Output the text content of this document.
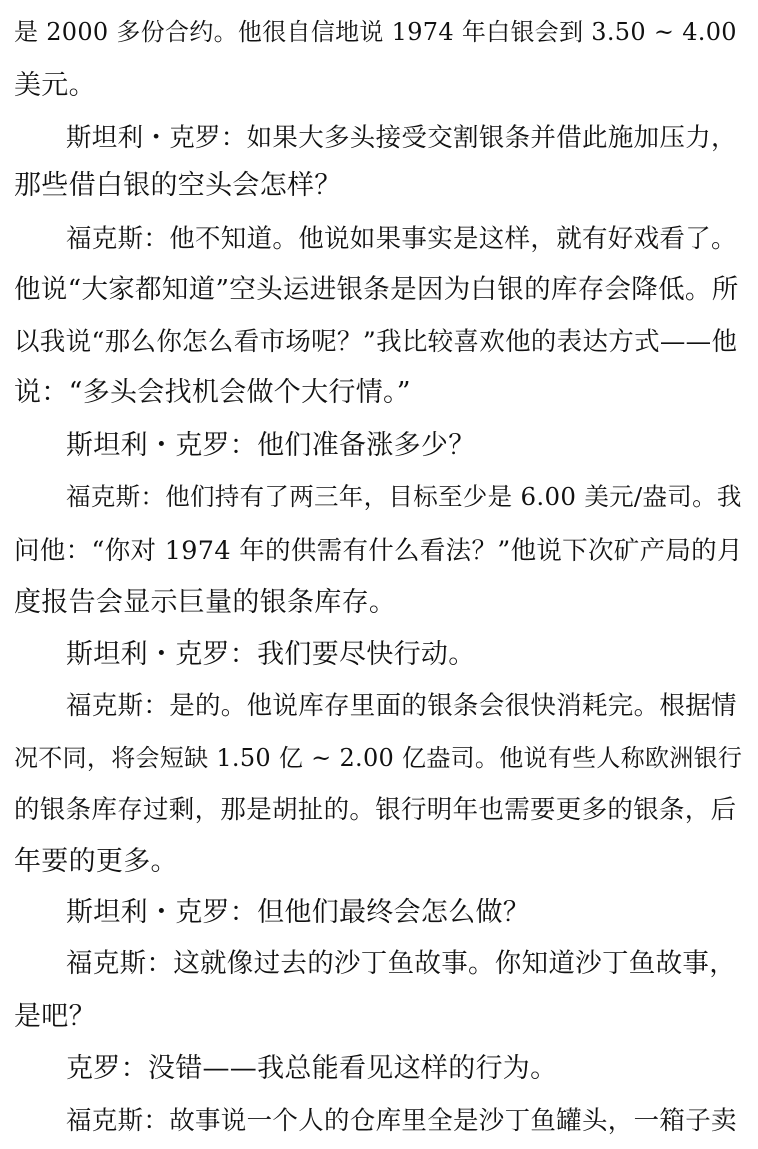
是 2000 多份合约。他很自信地说 1974 年白银会到 3.50 ~ 4.00
美元。
斯坦利・克罗：如果大多头接受交割银条并借此施加压力，
那些借白银的空头会怎样？
福克斯：他不知道。他说如果事实是这样，就有好戏看了。
他说“大家都知道”空头运进银条是因为白银的库存会降低。所
以我说“那么你怎么看市场呢？”我比较喜欢他的表达方式——他
说：“多头会找机会做个大行情。”
斯坦利・克罗：他们准备涨多少？
福克斯：他们持有了两三年，目标至少是 6.00 美元/盎司。我
问他：“你对 1974 年的供需有什么看法？”他说下次矿产局的月
度报告会显示巨量的银条库存。
斯坦利・克罗：我们要尽快行动。
福克斯：是的。他说库存里面的银条会很快消耗完。根据情
况不同，将会短缺 1.50 亿 ~ 2.00 亿盎司。他说有些人称欧洲银行
的银条库存过剩，那是胡扯的。银行明年也需要更多的银条，后
年要的更多。
斯坦利・克罗：但他们最终会怎么做？
福克斯：这就像过去的沙丁鱼故事。你知道沙丁鱼故事，
是吧？
克罗：没错——我总能看见这样的行为。
福克斯：故事说一个人的仓库里全是沙丁鱼罐头，一箱子卖
